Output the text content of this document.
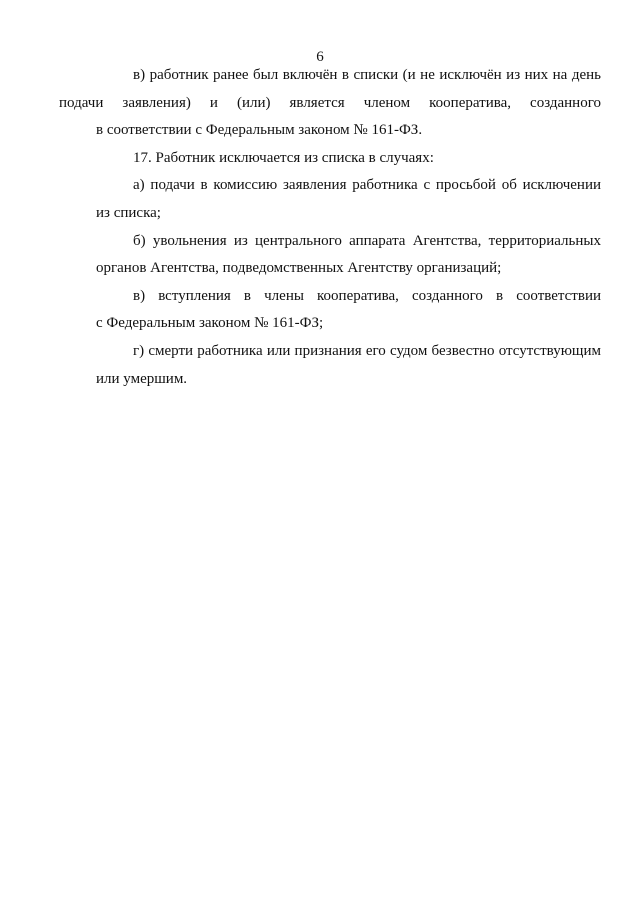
6
в) работник ранее был включён в списки (и не исключён из них на день
подачи заявления) и (или) является членом кооператива, созданного
в соответствии с Федеральным законом № 161-ФЗ.
17. Работник исключается из списка в случаях:
а) подачи в комиссию заявления работника с просьбой об исключении
из списка;
б) увольнения из центрального аппарата Агентства, территориальных
органов Агентства, подведомственных Агентству организаций;
в) вступления в члены кооператива, созданного в соответствии
с Федеральным законом № 161-ФЗ;
г) смерти работника или признания его судом безвестно отсутствующим
или умершим.
